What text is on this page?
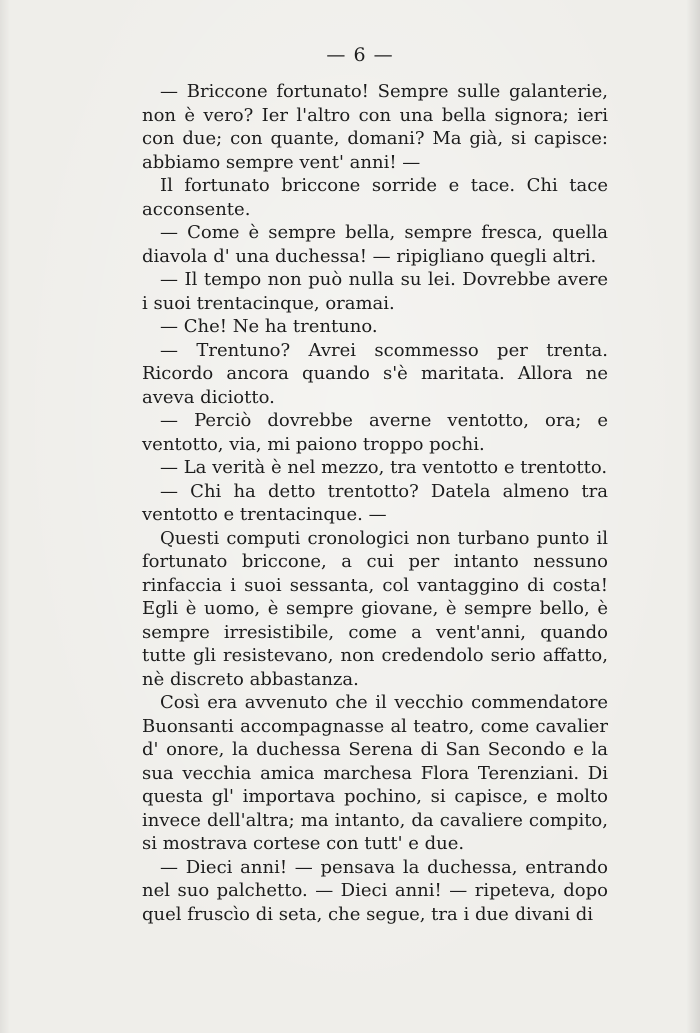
— 6 —

— Briccone fortunato! Sempre sulle galanterie, non è vero? Ier l'altro con una bella signora; ieri con due; con quante, domani? Ma già, si capisce: abbiamo sempre vent' anni! —

Il fortunato briccone sorride e tace. Chi tace acconsente.

— Come è sempre bella, sempre fresca, quella diavola d' una duchessa! — ripigliano quegli altri.

— Il tempo non può nulla su lei. Dovrebbe avere i suoi trentacinque, oramai.

— Che! Ne ha trentuno.

— Trentuno? Avrei scommesso per trenta. Ricordo ancora quando s'è maritata. Allora ne aveva diciotto.

— Perciò dovrebbe averne ventotto, ora; e ventotto, via, mi paiono troppo pochi.

— La verità è nel mezzo, tra ventotto e trentotto.

— Chi ha detto trentotto? Datela almeno tra ventotto e trentacinque. —

Questi computi cronologici non turbano punto il fortunato briccone, a cui per intanto nessuno rinfaccia i suoi sessanta, col vantaggino di costa! Egli è uomo, è sempre giovane, è sempre bello, è sempre irresistibile, come a vent'anni, quando tutte gli resistevano, non credendolo serio affatto, nè discreto abbastanza.

Così era avvenuto che il vecchio commendatore Buonsanti accompagnasse al teatro, come cavalier d' onore, la duchessa Serena di San Secondo e la sua vecchia amica marchesa Flora Terenziani. Di questa gl' importava pochino, si capisce, e molto invece dell'altra; ma intanto, da cavaliere compito, si mostrava cortese con tutt' e due.

— Dieci anni! — pensava la duchessa, entrando nel suo palchetto. — Dieci anni! — ripeteva, dopo quel fruscìo di seta, che segue, tra i due divani di
